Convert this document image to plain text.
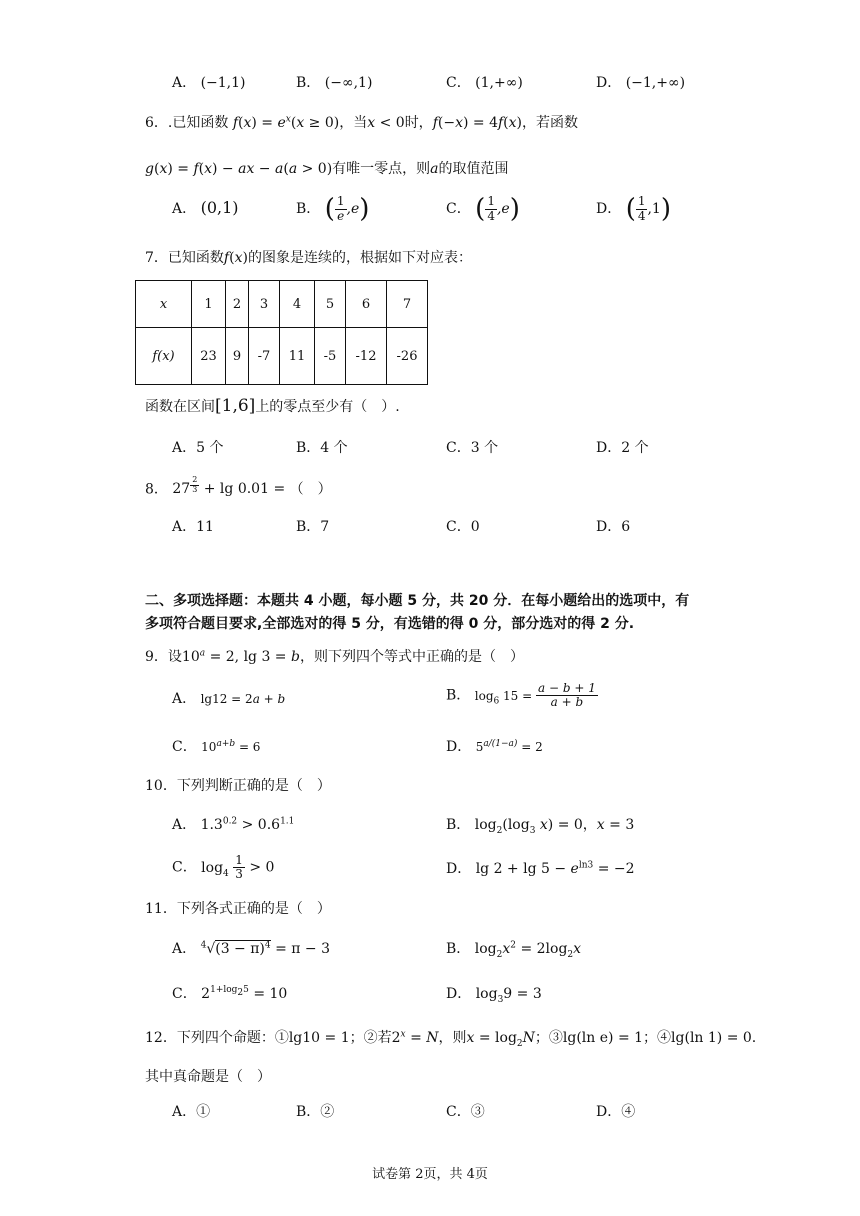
A． (−1,1)	B． (−∞,1)	C． (1,+∞)	D． (−1,+∞)
6．.已知函数 $f(x) = e^x(x \ge 0)$，当x < 0时，f(−x) = 4f(x)，若函数
g(x) = f(x) − ax − a(a > 0)有唯一零点，则a的取值范围
A． (0,1)	B． ( $\frac{1}{e} ,e$)	C． ( $\frac{1}{4} ,e$)	D． ( $\frac{1}{4} ,1$)
7．已知函数f(x)的图象是连续的，根据如下对应表：
x	1	2	3	4	5	6	7
f(x)	23	9	-7	11	-5	-12	-26
函数在区间[1,6]上的零点至少有（　）.
A．5 个	B．4 个	C．3 个	D．2 个
8． 27 $^{\frac{2}{3}}$ + lg 0.01 = （　）
A．11	B．7	C．0	D．6
二、多项选择题：本题共 4 小题，每小题 5 分，共 20 分．在每小题给出的选项中，有
多项符合题目要求,全部选对的得 5 分，有选错的得 0 分，部分选对的得 2 分.
9．设$10^a = 2$, lg 3 = b，则下列四个等式中正确的是（　）
A． lg12 = 2a + b	B． $\log_6 15 = \frac{a - b + 1}{a + b}$
C． $10^{a+b} = 6$	D． $5^{a/(1-a)} = 2$
10．下列判断正确的是（　）
A． $1.3^{0.2} > 0.6^{1.1}$	B． $\log_2(\log_3$ x) = 0，x = 3
C． $\log_4 \frac{1}{3} > 0$	D． $\lg 2 + \lg 5 - e^{ln3} = -2$
11．下列各式正确的是（　）
A． $^4√(3 - \pi)^4 = \pi - 3$	B． $\log_2x^2 = 2\log_2x$
C． $2^{1+log_25} = 10$	D． $\log_39 = 3$
12．下列四个命题：①lg10 = 1；②若$2^x = N$，则$x = \log_2N$；③lg(ln e) = 1；④lg(ln 1) = 0.
其中真命题是（　）
A．①	B．②	C．③	D．④
试卷第 2页，共 4页
